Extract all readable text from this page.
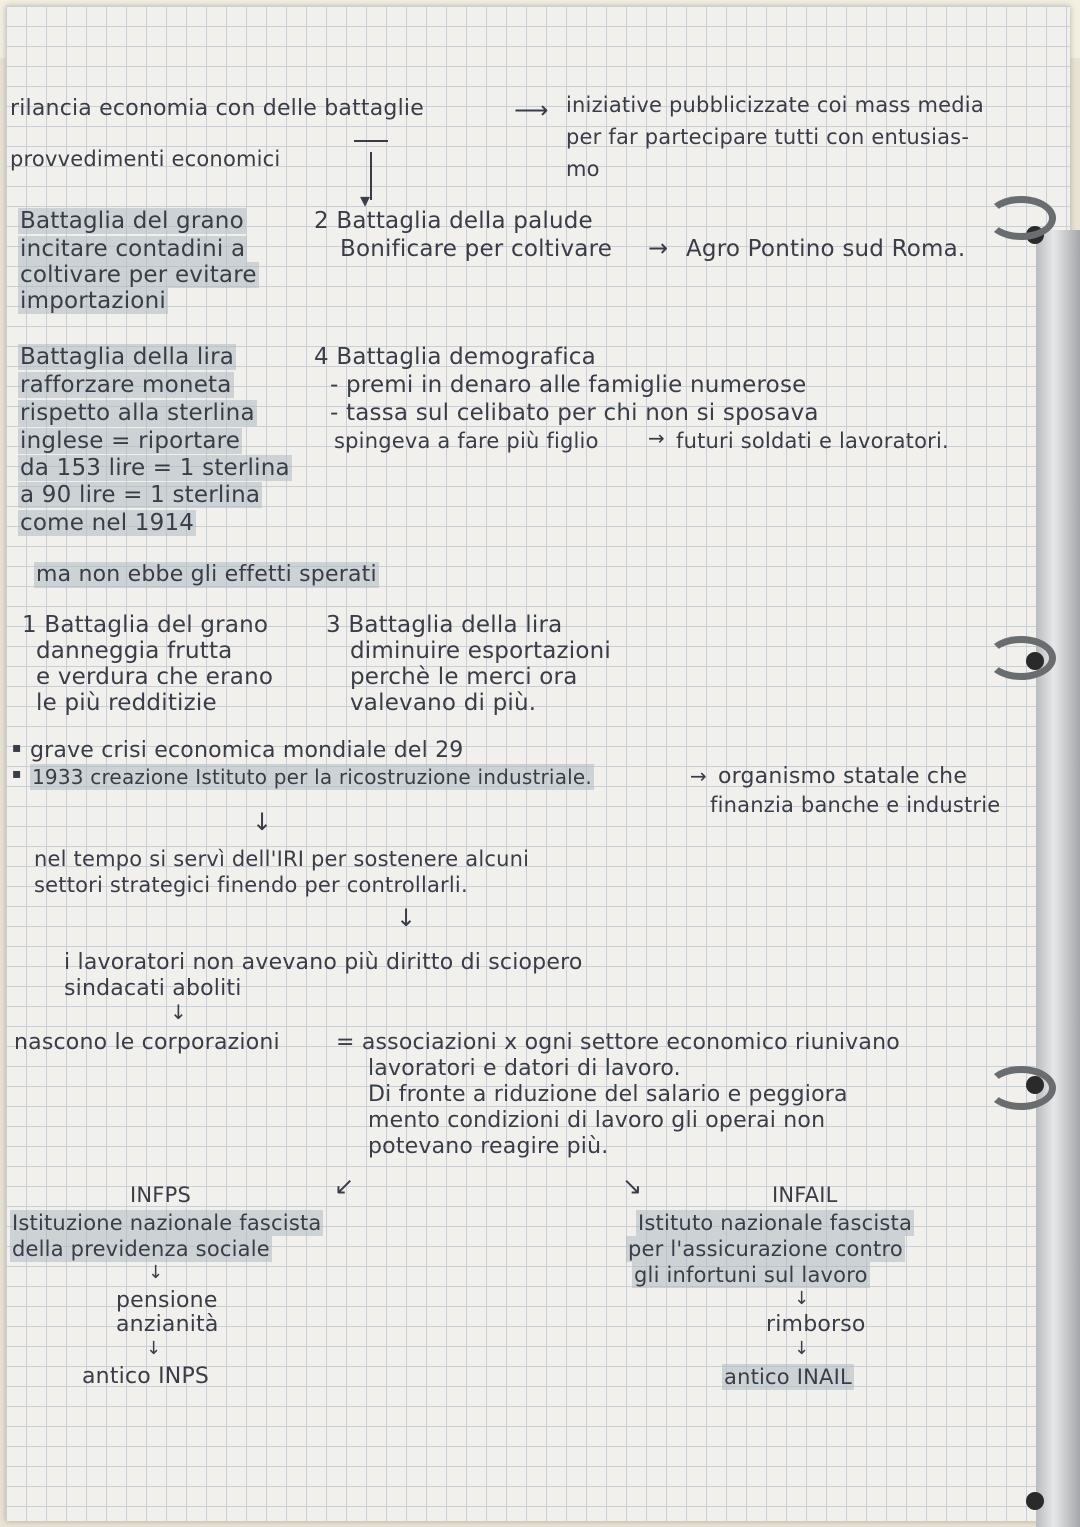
rilancia economia con delle battaglie	⟶ iniziative pubblicizzate coi mass media
per far partecipare tutti con entusias-
mo
provvedimenti economici
▾
Battaglia del grano
incitare contadini a
coltivare per evitare
importazioni
2 Battaglia della palude
Bonificare per coltivare → Agro Pontino sud Roma.
Battaglia della lira
rafforzare moneta
rispetto alla sterlina
inglese = riportare
da 153 lire = 1 sterlina
a 90 lire = 1 sterlina
come nel 1914
4 Battaglia demografica
- premi in denaro alle famiglie numerose
- tassa sul celibato per chi non si sposava
spingeva a fare più figlio → futuri soldati e lavoratori.
ma non ebbe gli effetti sperati
1 Battaglia del grano
danneggia frutta
e verdura che erano
le più redditizie
3 Battaglia della lira
diminuire esportazioni
perchè le merci ora
valevano di più.
▪ grave crisi economica mondiale del 29
▪ 1933 creazione Istituto per la ricostruzione industriale.	→ organismo statale che
finanzia banche e industrie
↓
nel tempo si servì dell'IRI per sostenere alcuni
settori strategici finendo per controllarli.
↓
i lavoratori non avevano più diritto di sciopero
sindacati aboliti
↓
nascono le corporazioni	= associazioni x ogni settore economico riunivano
lavoratori e datori di lavoro.
Di fronte a riduzione del salario e peggiora
mento condizioni di lavoro gli operai non
potevano reagire più.
↙	↘
INFPS
Istituzione nazionale fascista
della previdenza sociale
↓
pensione
anzianità
↓
antico INPS
INFAIL
Istituto nazionale fascista
per l'assicurazione contro
gli infortuni sul lavoro
↓
rimborso
↓
antico INAIL
